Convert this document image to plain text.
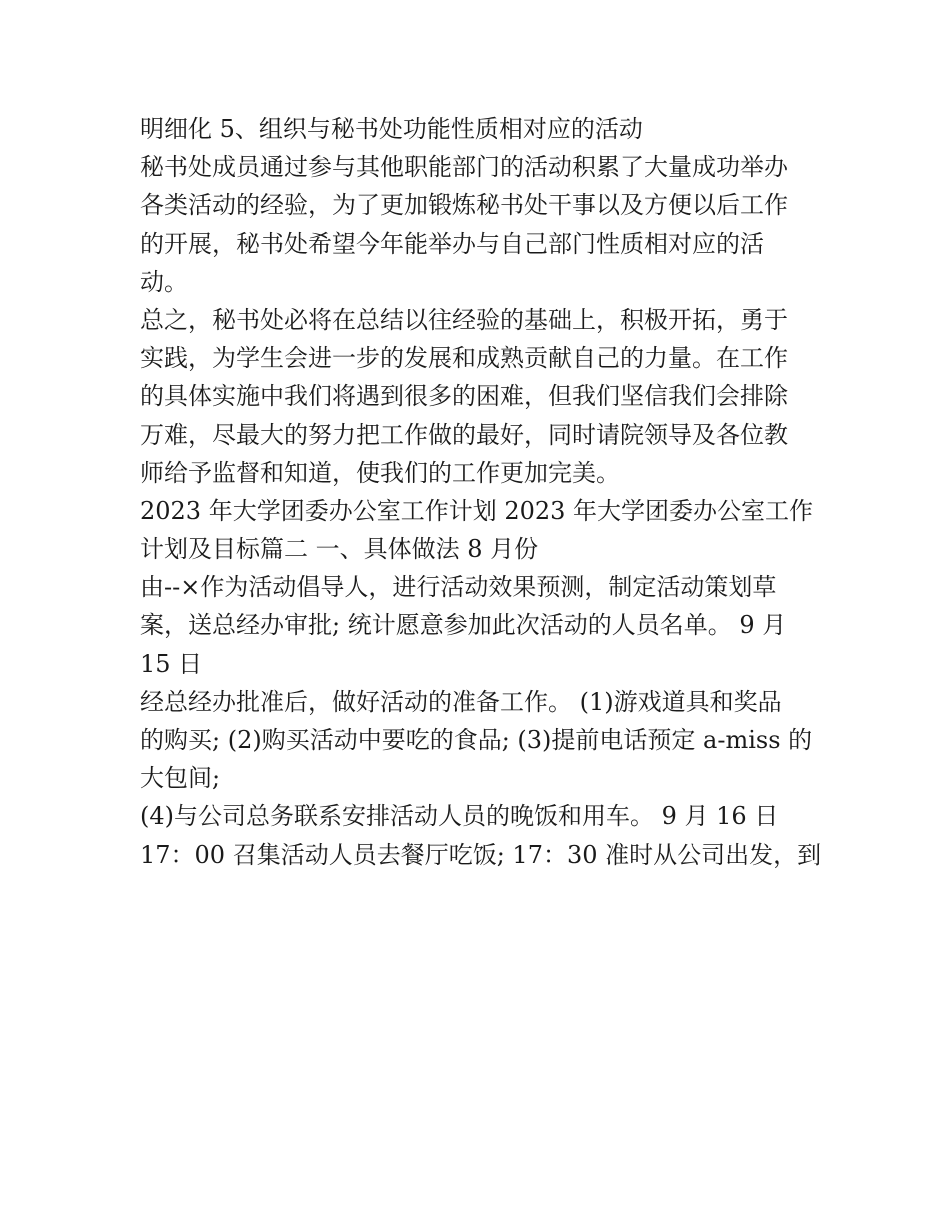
明细化 5、组织与秘书处功能性质相对应的活动

秘书处成员通过参与其他职能部门的活动积累了大量成功举办

各类活动的经验，为了更加锻炼秘书处干事以及方便以后工作

的开展，秘书处希望今年能举办与自己部门性质相对应的活

动。

总之，秘书处必将在总结以往经验的基础上，积极开拓，勇于

实践，为学生会进一步的发展和成熟贡献自己的力量。在工作

的具体实施中我们将遇到很多的困难，但我们坚信我们会排除

万难，尽最大的努力把工作做的最好，同时请院领导及各位教

师给予监督和知道，使我们的工作更加完美。

2023 年大学团委办公室工作计划 2023 年大学团委办公室工作

计划及目标篇二 一、具体做法 8 月份

由--×作为活动倡导人，进行活动效果预测，制定活动策划草

案，送总经办审批; 统计愿意参加此次活动的人员名单。 9 月

15 日

经总经办批准后，做好活动的准备工作。 (1)游戏道具和奖品

的购买; (2)购买活动中要吃的食品; (3)提前电话预定 a-miss 的

大包间;

(4)与公司总务联系安排活动人员的晚饭和用车。 9 月 16 日

17：00 召集活动人员去餐厅吃饭; 17：30 准时从公司出发，到
